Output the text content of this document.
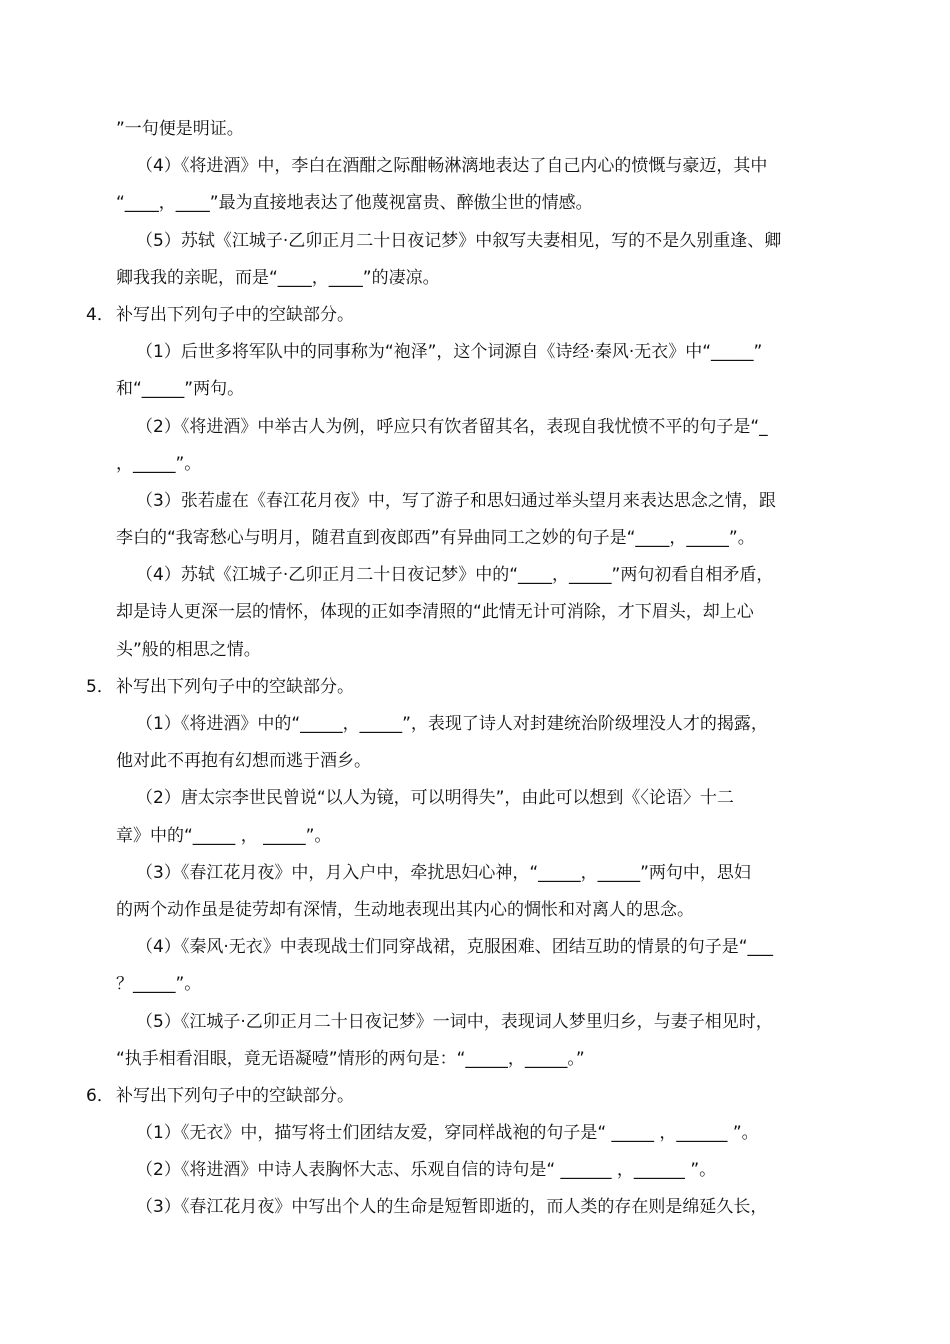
”一句便是明证。
（4）《将进酒》中，李白在酒酣之际酣畅淋漓地表达了自己内心的愤慨与豪迈，其中
“____，____”最为直接地表达了他蔑视富贵、醉傲尘世的情感。
（5）苏轼《江城子·乙卯正月二十日夜记梦》中叙写夫妻相见，写的不是久别重逢、卿
卿我我的亲昵，而是“____，____”的凄凉。
4． 补写出下列句子中的空缺部分。
（1）后世多将军队中的同事称为“袍泽”，这个词源自《诗经·秦风·无衣》中“_____”
和“_____”两句。
（2）《将进酒》中举古人为例，呼应只有饮者留其名，表现自我忧愤不平的句子是“_
，_____”。
（3）张若虚在《春江花月夜》中，写了游子和思妇通过举头望月来表达思念之情，跟
李白的“我寄愁心与明月，随君直到夜郎西”有异曲同工之妙的句子是“____，_____”。
（4）苏轼《江城子·乙卯正月二十日夜记梦》中的“____，_____”两句初看自相矛盾，
却是诗人更深一层的情怀，体现的正如李清照的“此情无计可消除，才下眉头，却上心
头”般的相思之情。
5． 补写出下列句子中的空缺部分。
（1）《将进酒》中的“_____，_____”，表现了诗人对封建统治阶级埋没人才的揭露，
他对此不再抱有幻想而逃于酒乡。
（2）唐太宗李世民曾说“以人为镜，可以明得失”，由此可以想到《〈论语〉十二
章》中的“_____ ， _____”。
（3）《春江花月夜》中，月入户中，牵扰思妇心神，“_____，_____”两句中，思妇
的两个动作虽是徒劳却有深情，生动地表现出其内心的惆怅和对离人的思念。
（4）《秦风·无衣》中表现战士们同穿战裙，克服困难、团结互助的情景的句子是“___
？_____”。
（5）《江城子·乙卯正月二十日夜记梦》一词中，表现词人梦里归乡，与妻子相见时，
“执手相看泪眼，竟无语凝噎”情形的两句是：“_____，_____。”
6． 补写出下列句子中的空缺部分。
（1）《无衣》中，描写将士们团结友爱，穿同样战袍的句子是“ _____ ，______ ”。
（2）《将进酒》中诗人表胸怀大志、乐观自信的诗句是“ ______ ，______ ”。
（3）《春江花月夜》中写出个人的生命是短暂即逝的，而人类的存在则是绵延久长，
